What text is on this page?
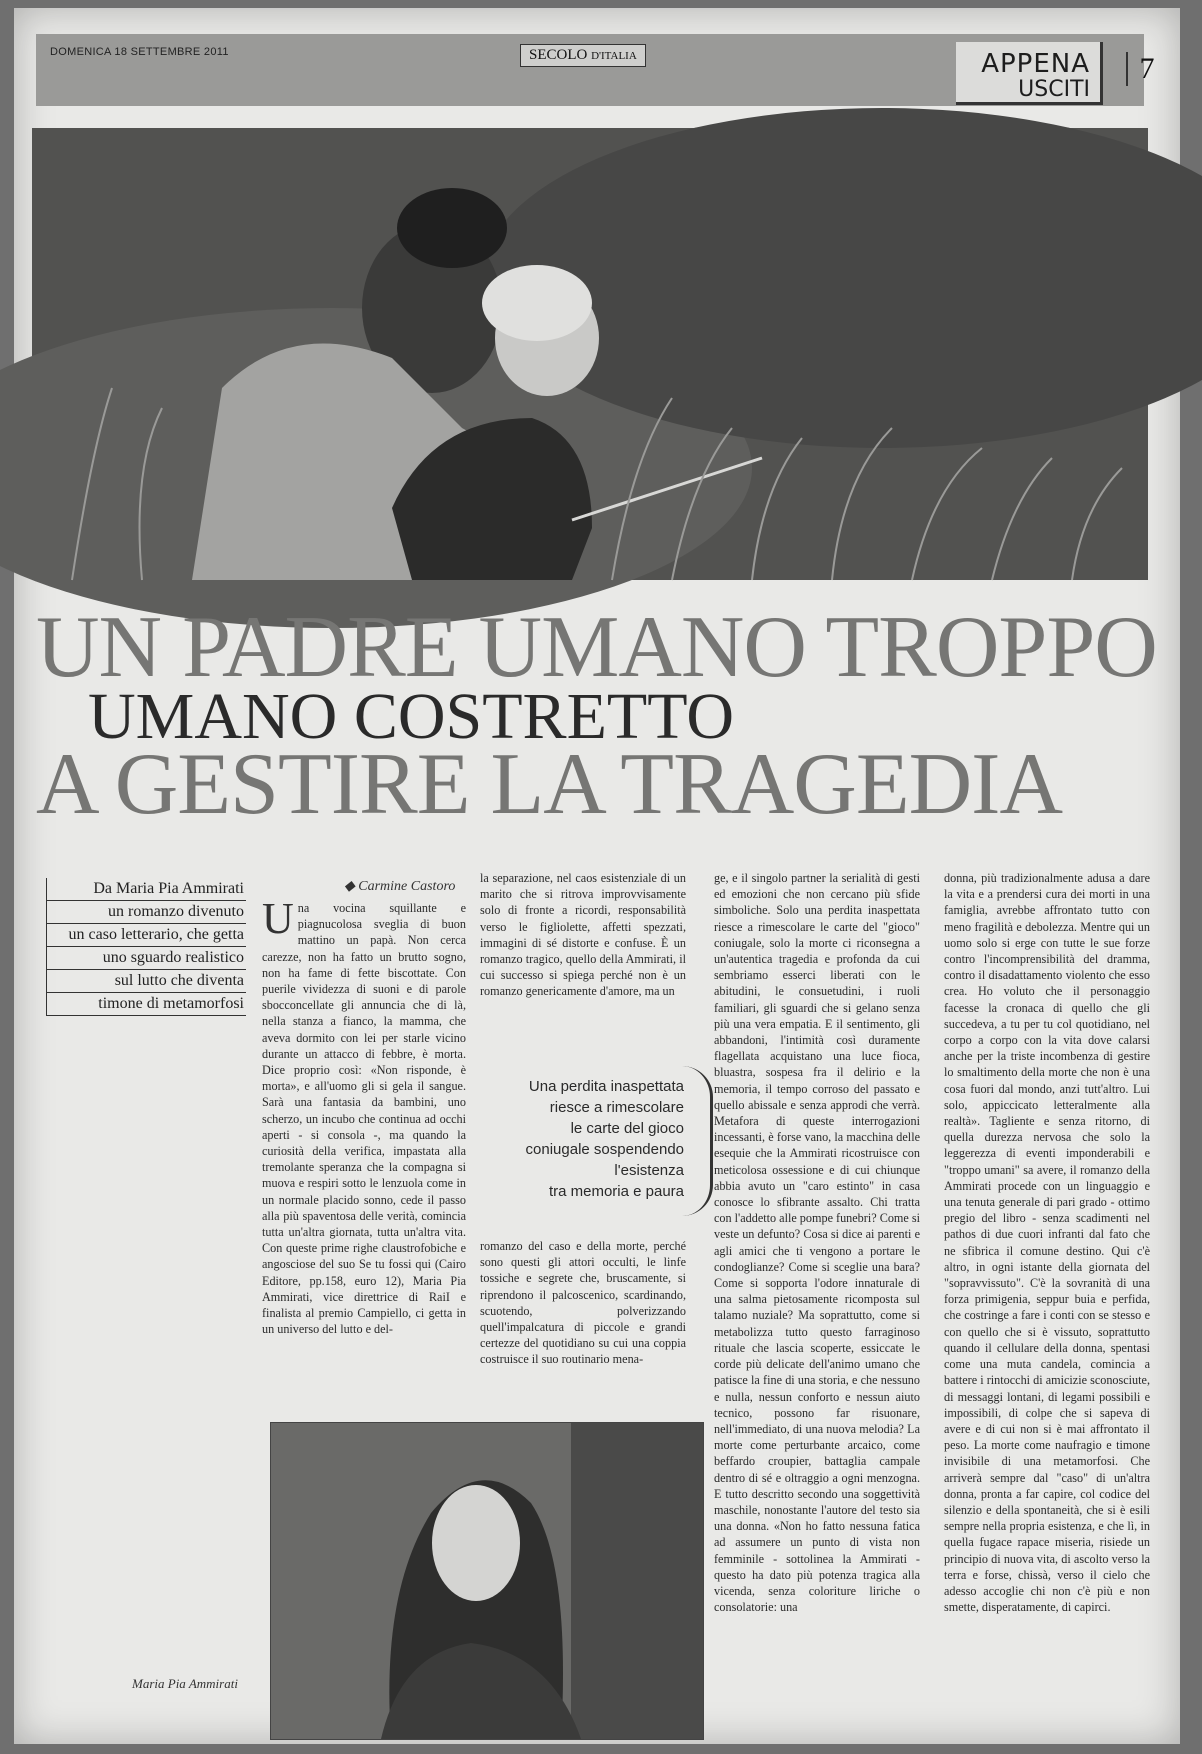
DOMENICA 18 SETTEMBRE 2011	SECOLO D'ITALIA	APPENA
USCITI
7
UN PADRE UMANO TROPPO
UMANO COSTRETTO
A GESTIRE LA TRAGEDIA
Da Maria Pia Ammirati
un romanzo divenuto
un caso letterario, che getta
uno sguardo realistico
sul lutto che diventa
timone di metamorfosi
◆ Carmine Castoro
Una vocina squillante e piagnucolosa sveglia di buon mattino un papà. Non cerca carezze, non ha fatto un brutto sogno, non ha fame di fette biscottate. Con puerile vividezza di suoni e di parole sbocconcellate gli annuncia che di là, nella stanza a fianco, la mamma, che aveva dormito con lei per starle vicino durante un attacco di febbre, è morta. Dice proprio così: «Non risponde, è morta», e all'uomo gli si gela il sangue. Sarà una fantasia da bambini, uno scherzo, un incubo che continua ad occhi aperti - si consola -, ma quando la curiosità della verifica, impastata alla tremolante speranza che la compagna si muova e respiri sotto le lenzuola come in un normale placido sonno, cede il passo alla più spaventosa delle verità, comincia tutta un'altra giornata, tutta un'altra vita. Con queste prime righe claustrofobiche e angosciose del suo Se tu fossi qui (Cairo Editore, pp.158, euro 12), Maria Pia Ammirati, vice direttrice di RaiI e finalista al premio Campiello, ci getta in un universo del lutto e del-
la separazione, nel caos esistenziale di un marito che si ritrova improvvisamente solo di fronte a ricordi, responsabilità verso le figliolette, affetti spezzati, immagini di sé distorte e confuse. È un romanzo tragico, quello della Ammirati, il cui successo si spiega perché non è un romanzo genericamente d'amore, ma un
Una perdita inaspettata
riesce a rimescolare
le carte del gioco
coniugale sospendendo
l'esistenza
tra memoria e paura
romanzo del caso e della morte, perché sono questi gli attori occulti, le linfe tossiche e segrete che, bruscamente, si riprendono il palcoscenico, scardinando, scuotendo, polverizzando quell'impalcatura di piccole e grandi certezze del quotidiano su cui una coppia costruisce il suo routinario mena-
ge, e il singolo partner la serialità di gesti ed emozioni che non cercano più sfide simboliche. Solo una perdita inaspettata riesce a rimescolare le carte del "gioco" coniugale, solo la morte ci riconsegna a un'autentica tragedia e profonda da cui sembriamo esserci liberati con le abitudini, le consuetudini, i ruoli familiari, gli sguardi che si gelano senza più una vera empatia. E il sentimento, gli abbandoni, l'intimità così duramente flagellata acquistano una luce fioca, bluastra, sospesa fra il delirio e la memoria, il tempo corroso del passato e quello abissale e senza approdi che verrà. Metafora di queste interrogazioni incessanti, è forse vano, la macchina delle esequie che la Ammirati ricostruisce con meticolosa ossessione e di cui chiunque abbia avuto un "caro estinto" in casa conosce lo sfibrante assalto. Chi tratta con l'addetto alle pompe funebri? Come si veste un defunto? Cosa si dice ai parenti e agli amici che ti vengono a portare le condoglianze? Come si sceglie una bara? Come si sopporta l'odore innaturale di una salma pietosamente ricomposta sul talamo nuziale? Ma soprattutto, come si metabolizza tutto questo farraginoso rituale che lascia scoperte, essiccate le corde più delicate dell'animo umano che patisce la fine di una storia, e che nessuno e nulla, nessun conforto e nessun aiuto tecnico, possono far risuonare, nell'immediato, di una nuova melodia? La morte come perturbante arcaico, come beffardo croupier, battaglia campale dentro di sé e oltraggio a ogni menzogna. E tutto descritto secondo una soggettività maschile, nonostante l'autore del testo sia una donna. «Non ho fatto nessuna fatica ad assumere un punto di vista non femminile - sottolinea la Ammirati - questo ha dato più potenza tragica alla vicenda, senza coloriture liriche o consolatorie: una
donna, più tradizionalmente adusa a dare la vita e a prendersi cura dei morti in una famiglia, avrebbe affrontato tutto con meno fragilità e debolezza. Mentre qui un uomo solo si erge con tutte le sue forze contro l'incomprensibilità del dramma, contro il disadattamento violento che esso crea. Ho voluto che il personaggio facesse la cronaca di quello che gli succedeva, a tu per tu col quotidiano, nel corpo a corpo con la vita dove calarsi anche per la triste incombenza di gestire lo smaltimento della morte che non è una cosa fuori dal mondo, anzi tutt'altro. Lui solo, appiccicato letteralmente alla realtà». Tagliente e senza ritorno, di quella durezza nervosa che solo la leggerezza di eventi imponderabili e "troppo umani" sa avere, il romanzo della Ammirati procede con un linguaggio e una tenuta generale di pari grado - ottimo pregio del libro - senza scadimenti nel pathos di due cuori infranti dal fato che ne sfibrica il comune destino. Qui c'è altro, in ogni istante della giornata del "sopravvissuto". C'è la sovranità di una forza primigenia, seppur buia e perfida, che costringe a fare i conti con se stesso e con quello che si è vissuto, soprattutto quando il cellulare della donna, spentasi come una muta candela, comincia a battere i rintocchi di amicizie sconosciute, di messaggi lontani, di legami possibili e impossibili, di colpe che si sapeva di avere e di cui non si è mai affrontato il peso. La morte come naufragio e timone invisibile di una metamorfosi. Che arriverà sempre dal "caso" di un'altra donna, pronta a far capire, col codice del silenzio e della spontaneità, che si è esili sempre nella propria esistenza, e che lì, in quella fugace rapace miseria, risiede un principio di nuova vita, di ascolto verso la terra e forse, chissà, verso il cielo che adesso accoglie chi non c'è più e non smette, disperatamente, di capirci.
Maria Pia Ammirati
